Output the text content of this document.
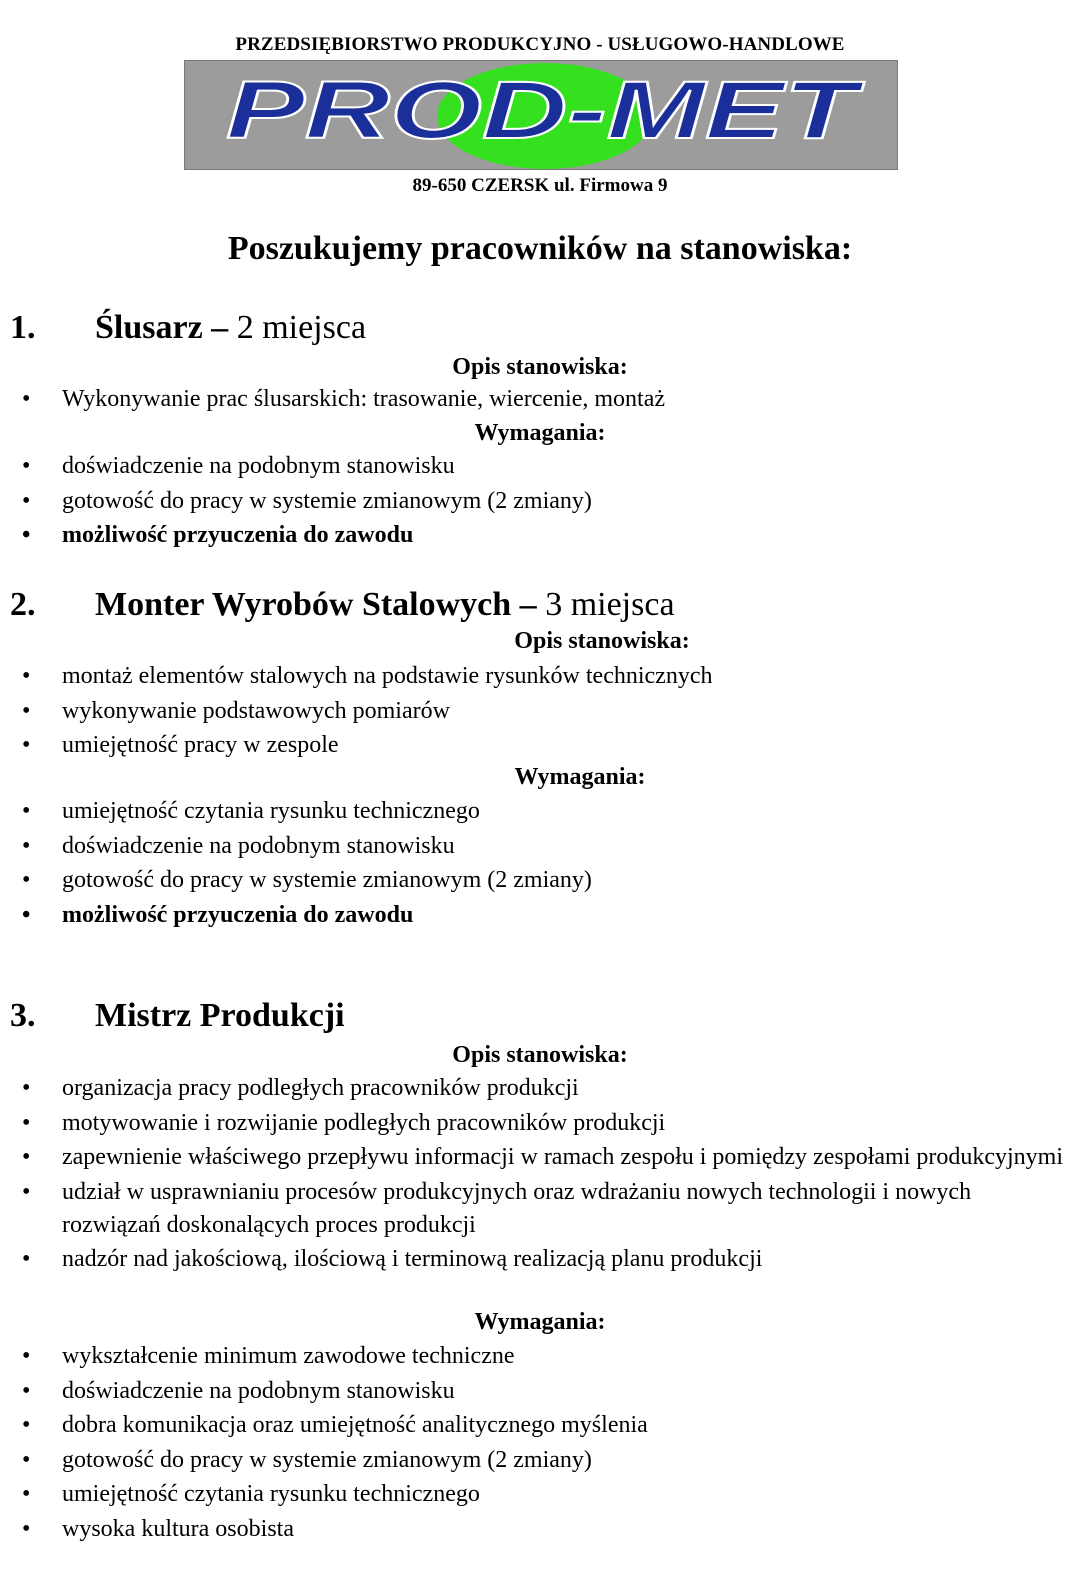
PRZEDSIĘBIORSTWO PRODUKCYJNO - USŁUGOWO-HANDLOWE
PROD-MET
89-650 CZERSK ul. Firmowa 9
Poszukujemy pracowników na stanowiska:
1. Ślusarz – 2 miejsca
Opis stanowiska:
• Wykonywanie prac ślusarskich: trasowanie, wiercenie, montaż
Wymagania:
• doświadczenie na podobnym stanowisku
• gotowość do pracy w systemie zmianowym (2 zmiany)
• możliwość przyuczenia do zawodu
2. Monter Wyrobów Stalowych – 3 miejsca
Opis stanowiska:
• montaż elementów stalowych na podstawie rysunków technicznych
• wykonywanie podstawowych pomiarów
• umiejętność pracy w zespole
Wymagania:
• umiejętność czytania rysunku technicznego
• doświadczenie na podobnym stanowisku
• gotowość do pracy w systemie zmianowym (2 zmiany)
• możliwość przyuczenia do zawodu
3. Mistrz Produkcji
Opis stanowiska:
• organizacja pracy podległych pracowników produkcji
• motywowanie i rozwijanie podległych pracowników produkcji
• zapewnienie właściwego przepływu informacji w ramach zespołu i pomiędzy zespołami produkcyjnymi
• udział w usprawnianiu procesów produkcyjnych oraz wdrażaniu nowych technologii i nowych rozwiązań doskonalących proces produkcji
• nadzór nad jakościową, ilościową i terminową realizacją planu produkcji
Wymagania:
• wykształcenie minimum zawodowe techniczne
• doświadczenie na podobnym stanowisku
• dobra komunikacja oraz umiejętność analitycznego myślenia
• gotowość do pracy w systemie zmianowym (2 zmiany)
• umiejętność czytania rysunku technicznego
• wysoka kultura osobista
